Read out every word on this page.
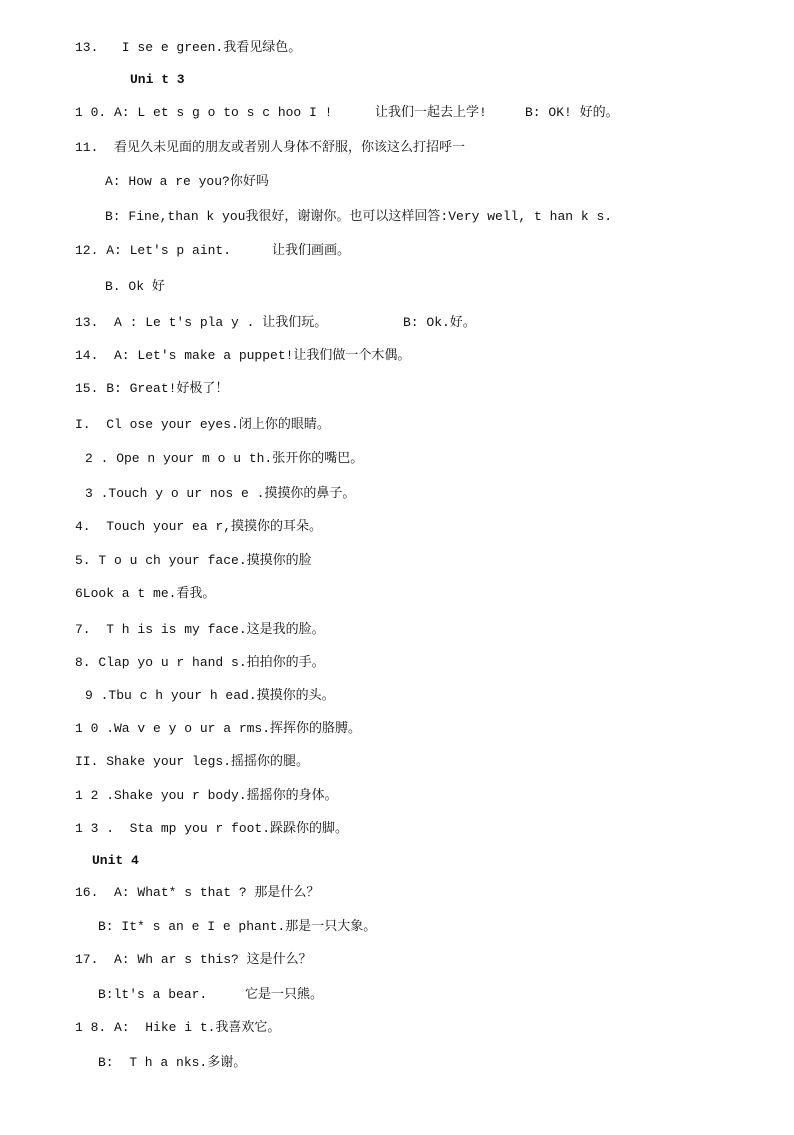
13.   I se e green.我看见绿色。
Uni t 3
1 0. A: L et s g o to s c hoo I !	让我们一起去上学!	B: OK! 好的。
11.  看见久未见面的朋友或者别人身体不舒服，你该这么打招呼一
A: How a re you?你好吗
B: Fine,than k you我很好，谢谢你。也可以这样回答:Very well, t han k s.
12. A: Let's p aint.	让我们画画。
B. Ok 好
13.  A : Le t's pla y . 让我们玩。	B: Ok.好。
14.  A: Let's make a puppet!让我们做一个木偶。
15. B: Great!好极了！
I.  Cl ose your eyes.闭上你的眼睛。
2 . Ope n your m o u th.张开你的嘴巴。
3 .Touch y o ur nos e .摸摸你的鼻子。
4.  Touch your ea r,摸摸你的耳朵。
5. T o u ch your face.摸摸你的脸
6Look a t me.看我。
7.  T h is is my face.这是我的脸。
8. Clap yo u r hand s.拍拍你的手。
9 .Tbu c h your h ead.摸摸你的头。
1 0 .Wa v e y o ur a rms.挥挥你的胳膊。
II. Shake your legs.摇摇你的腿。
1 2 .Shake you r body.摇摇你的身体。
1 3 .  Sta mp you r foot.跺跺你的脚。
Unit 4
16.  A: What* s that ? 那是什么？
B: It* s an e I e phant.那是一只大象。
17.  A: Wh ar s this? 这是什么？
B:lt's a bear.	它是一只熊。
1 8. A:  Hike i t.我喜欢它。
B:  T h a nks.多谢。
